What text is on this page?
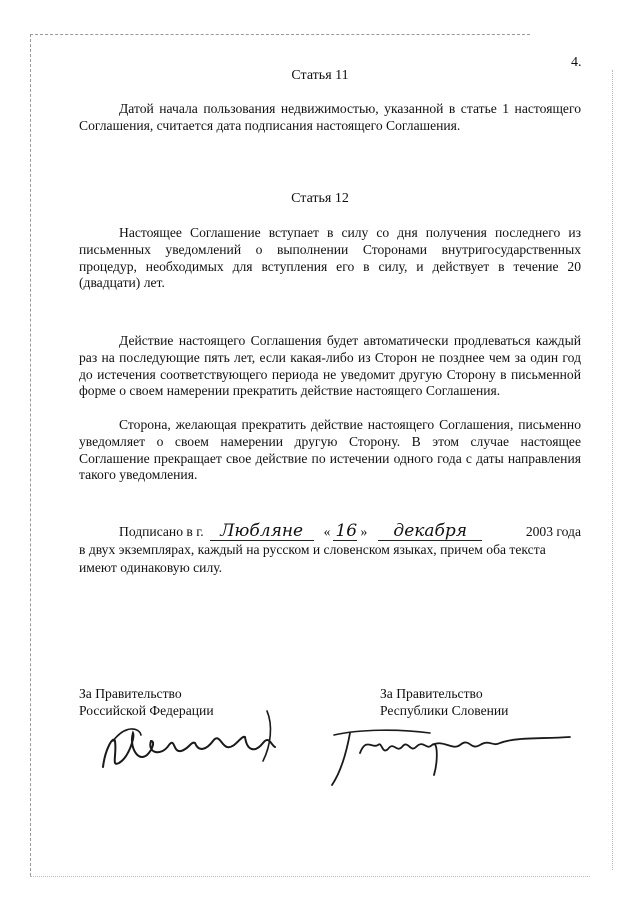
4.
Статья 11

Датой начала пользования недвижимостью, указанной в статье 1 настоящего Соглашения, считается дата подписания настоящего Соглашения.

Статья 12

Настоящее Соглашение вступает в силу со дня получения последнего из письменных уведомлений о выполнении Сторонами внутригосударственных процедур, необходимых для вступления его в силу, и действует в течение 20 (двадцати) лет.

Действие настоящего Соглашения будет автоматически продлеваться каждый раз на последующие пять лет, если какая-либо из Сторон не позднее чем за один год до истечения соответствующего периода не уведомит другую Сторону в письменной форме о своем намерении прекратить действие настоящего Соглашения.

Сторона, желающая прекратить действие настоящего Соглашения, письменно уведомляет о своем намерении другую Сторону. В этом случае настоящее Соглашение прекращает свое действие по истечении одного года с даты направления такого уведомления.

Подписано в г. Любляне	« 16 »	декабря	2003 года
в двух экземплярах, каждый на русском и словенском языках, причем оба текста имеют одинаковую силу.
За Правительство
Российской Федерации
За Правительство
Республики Словении
